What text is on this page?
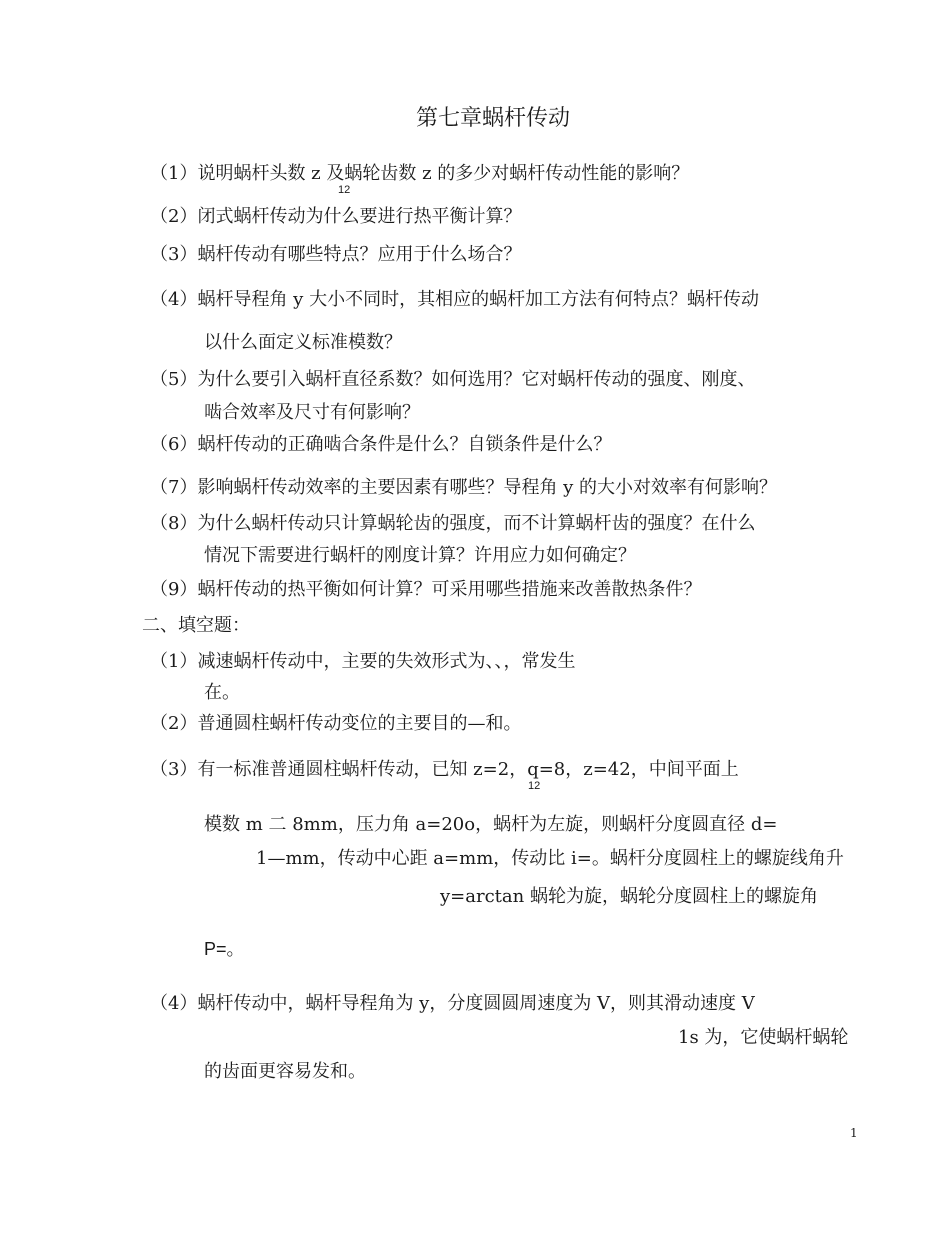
第七章蜗杆传动
（1）说明蜗杆头数 z 及蜗轮齿数 z 的多少对蜗杆传动性能的影响？
12
（2）闭式蜗杆传动为什么要进行热平衡计算？
（3）蜗杆传动有哪些特点？应用于什么场合？
（4）蜗杆导程角 y 大小不同时，其相应的蜗杆加工方法有何特点？蜗杆传动
以什么面定义标准模数？
（5）为什么要引入蜗杆直径系数？如何选用？它对蜗杆传动的强度、刚度、
啮合效率及尺寸有何影响？
（6）蜗杆传动的正确啮合条件是什么？自锁条件是什么？
（7）影响蜗杆传动效率的主要因素有哪些？导程角 y 的大小对效率有何影响？
（8）为什么蜗杆传动只计算蜗轮齿的强度，而不计算蜗杆齿的强度？在什么
情况下需要进行蜗杆的刚度计算？许用应力如何确定？
（9）蜗杆传动的热平衡如何计算？可采用哪些措施来改善散热条件？
二、填空题：
（1）减速蜗杆传动中，主要的失效形式为、、，常发生
在。
（2）普通圆柱蜗杆传动变位的主要目的—和。
（3）有一标准普通圆柱蜗杆传动，已知 z=2，q=8，z=42，中间平面上
12
模数 m 二 8mm，压力角 a=20o，蜗杆为左旋，则蜗杆分度圆直径 d=
1—mm，传动中心距 a=mm，传动比 i=。蜗杆分度圆柱上的螺旋线角升
y=arctan 蜗轮为旋，蜗轮分度圆柱上的螺旋角
P=。
（4）蜗杆传动中，蜗杆导程角为 y，分度圆圆周速度为 V，则其滑动速度 V
1s 为，它使蜗杆蜗轮
的齿面更容易发和。
1
